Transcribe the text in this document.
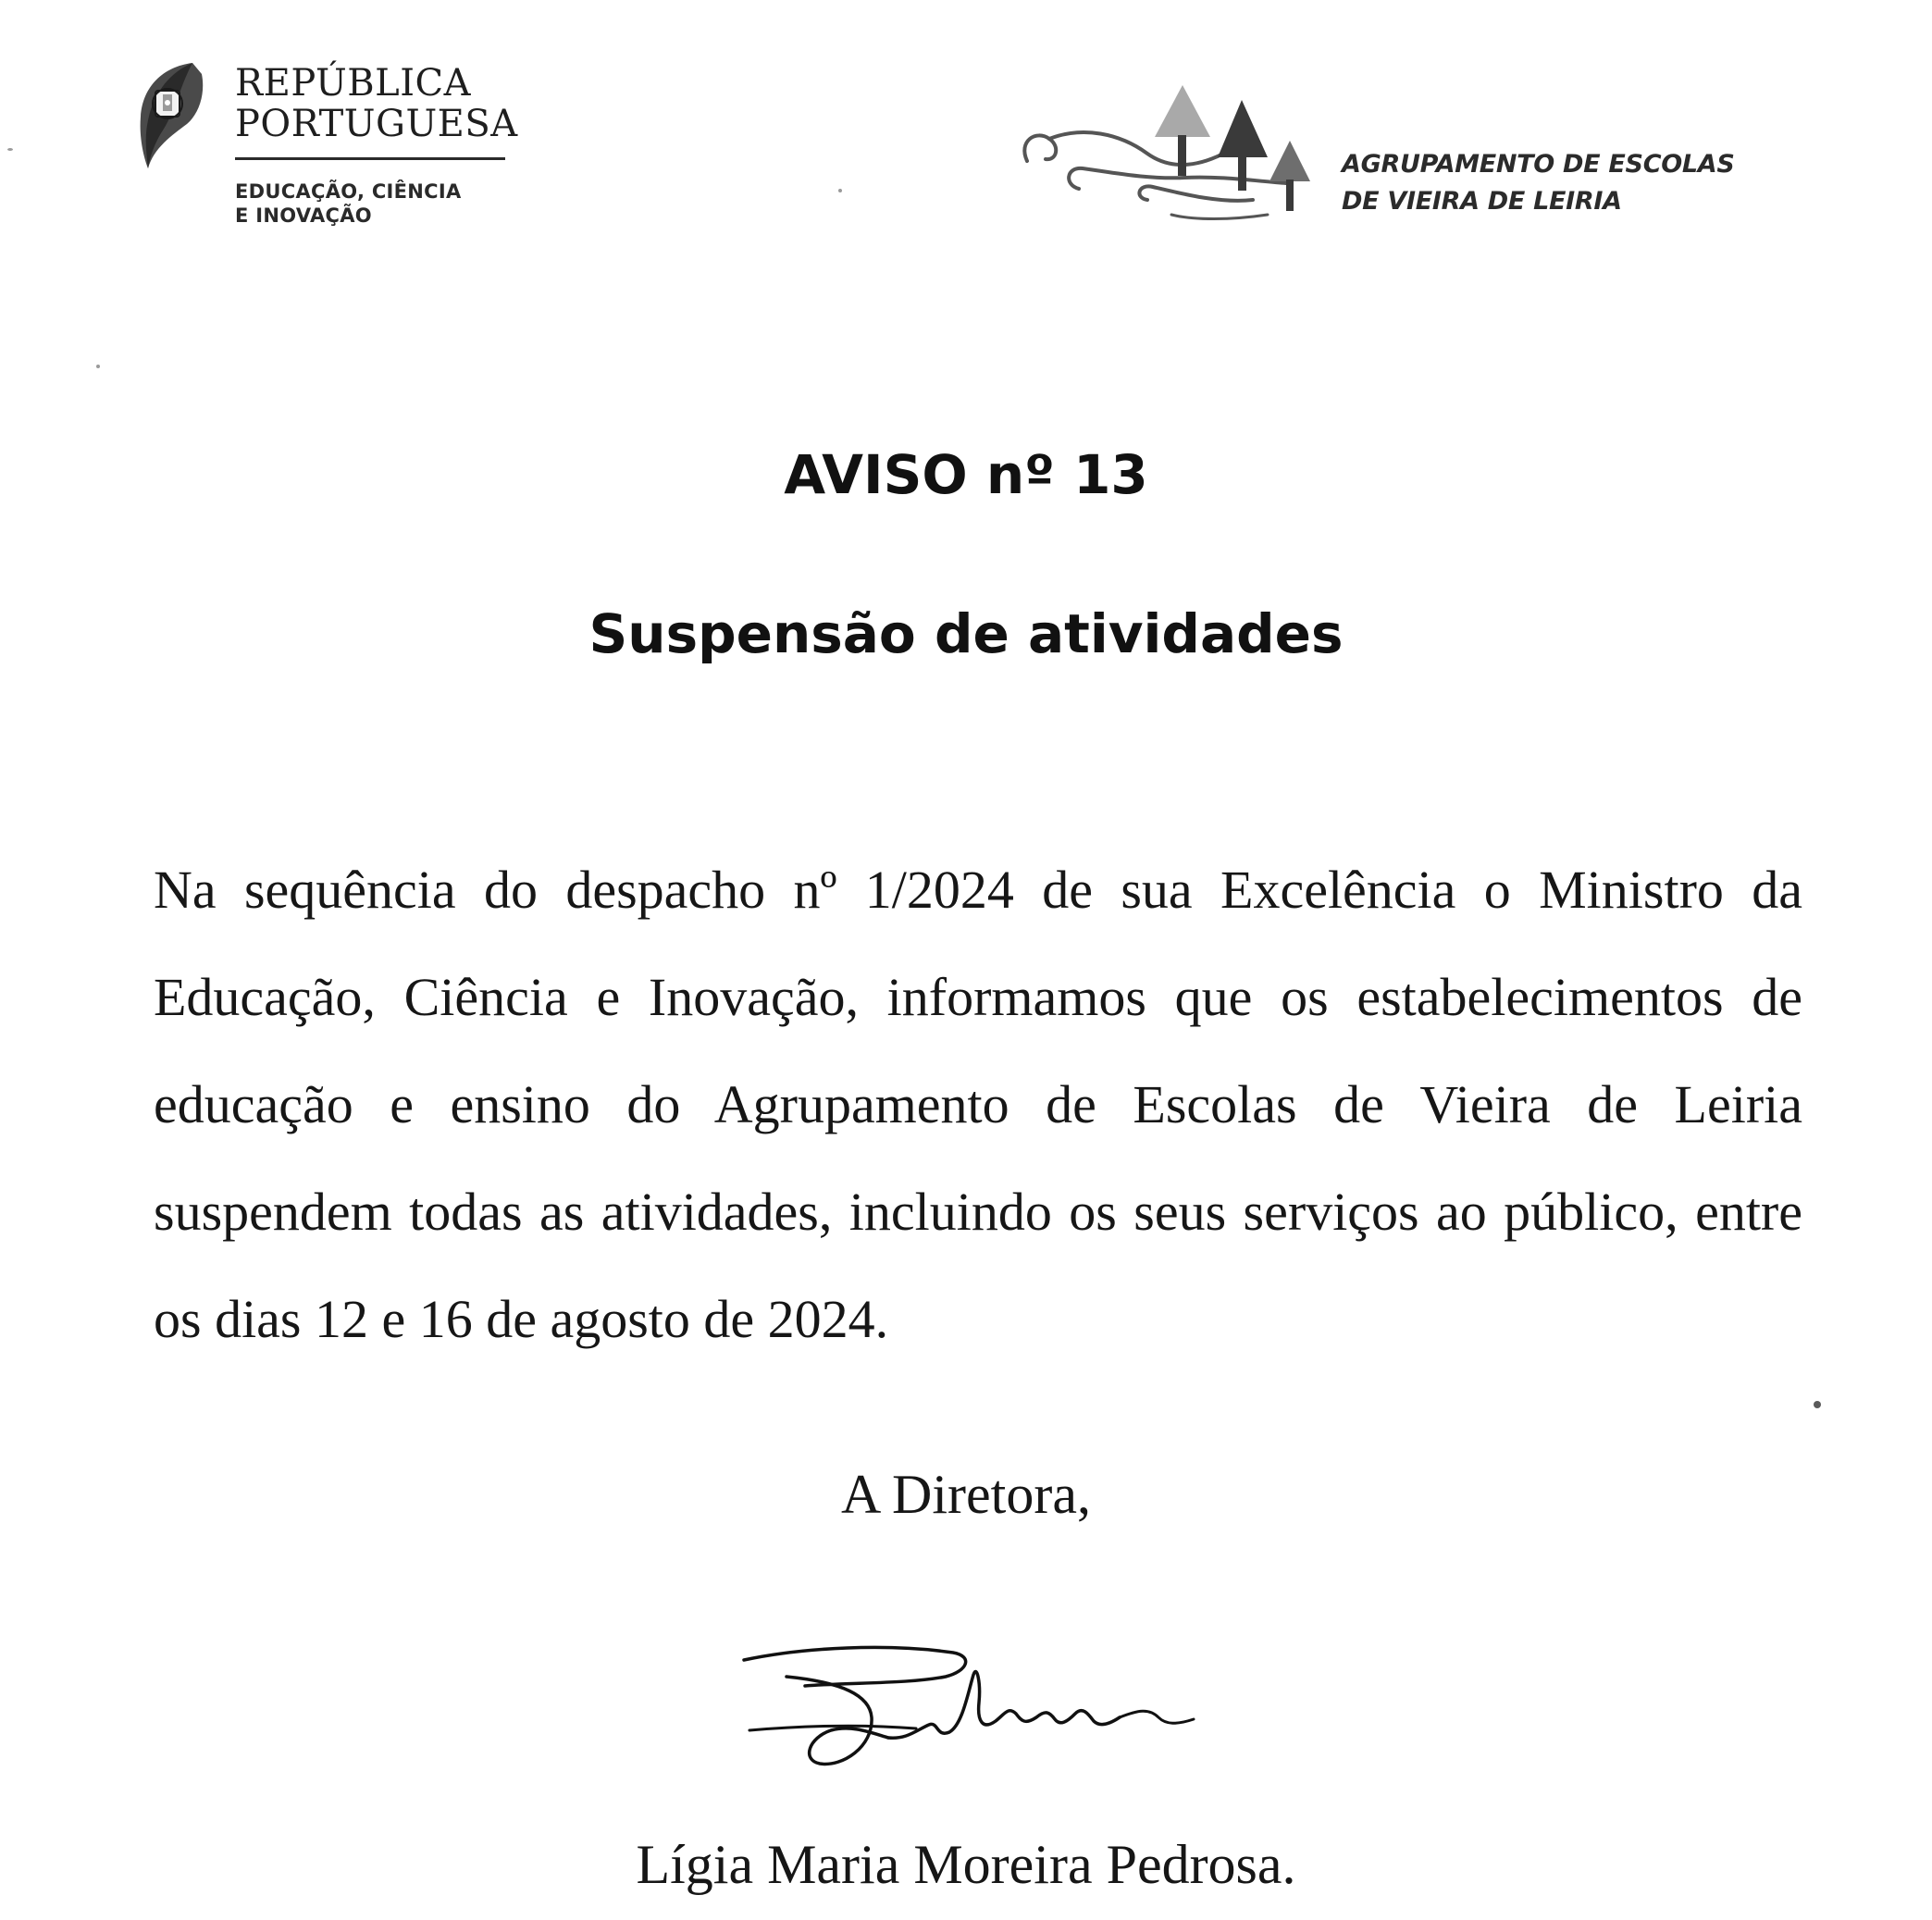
REPÚBLICA
PORTUGUESA
EDUCAÇÃO, CIÊNCIA
E INOVAÇÃO
AGRUPAMENTO DE ESCOLAS
DE VIEIRA DE LEIRIA
AVISO nº 13
Suspensão de atividades

Na sequência do despacho nº 1/2024 de sua Excelência o Ministro da Educação, Ciência e Inovação, informamos que os estabelecimentos de educação e ensino do Agrupamento de Escolas de Vieira de Leiria suspendem todas as atividades, incluindo os seus serviços ao público, entre os dias 12 e 16 de agosto de 2024.

A Diretora,
Lígia Maria Moreira Pedrosa.
